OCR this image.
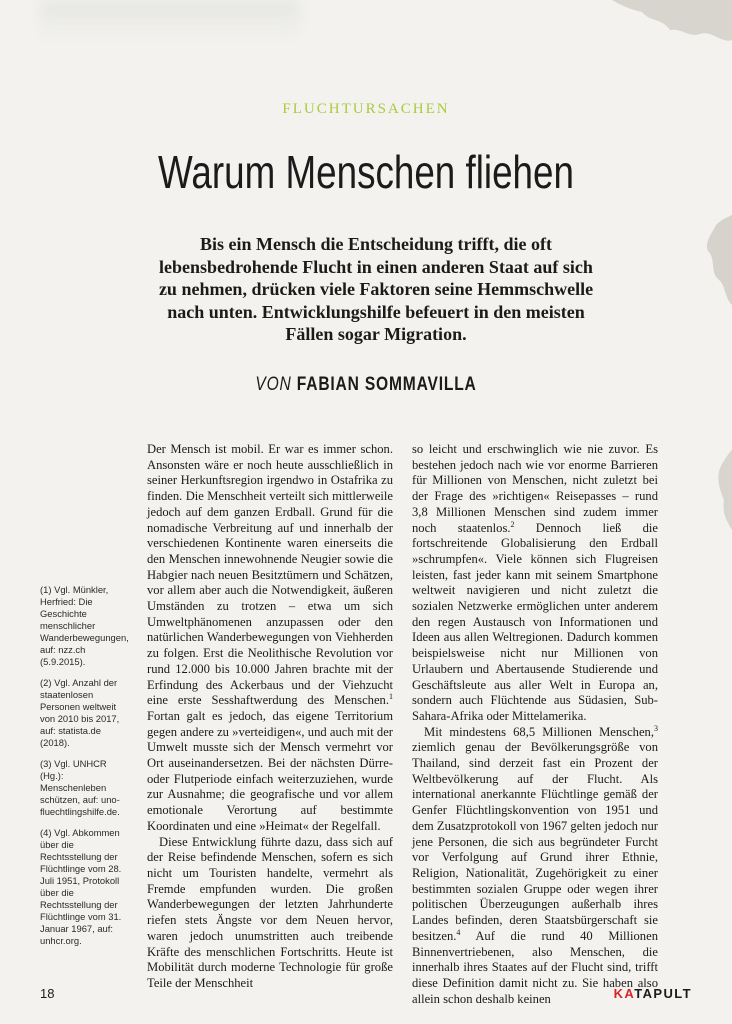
FLUCHTURSACHEN
Warum Menschen fliehen
Bis ein Mensch die Entscheidung trifft, die oft lebensbedrohende Flucht in einen anderen Staat auf sich zu nehmen, drücken viele Faktoren seine Hemmschwelle nach unten. Entwicklungshilfe befeuert in den meisten Fällen sogar Migration.
VON FABIAN SOMMAVILLA
(1) Vgl. Münkler, Herfried: Die Geschichte menschlicher Wanderbewegungen, auf: nzz.ch (5.9.2015).
(2) Vgl. Anzahl der staatenlosen Personen weltweit von 2010 bis 2017, auf: statista.de (2018).
(3) Vgl. UNHCR (Hg.): Menschenleben schützen, auf: uno-fluechtlingshilfe.de.
(4) Vgl. Abkommen über die Rechtsstellung der Flüchtlinge vom 28. Juli 1951, Protokoll über die Rechtsstellung der Flüchtlinge vom 31. Januar 1967, auf: unhcr.org.

Der Mensch ist mobil. Er war es immer schon. Ansonsten wäre er noch heute ausschließlich in seiner Herkunftsregion irgendwo in Ostafrika zu finden. Die Menschheit verteilt sich mittlerweile jedoch auf dem ganzen Erdball. Grund für die nomadische Verbreitung auf und innerhalb der verschiedenen Kontinente waren einerseits die den Menschen innewohnende Neugier sowie die Habgier nach neuen Besitztümern und Schätzen, vor allem aber auch die Notwendigkeit, äußeren Umständen zu trotzen – etwa um sich Umweltphänomenen anzupassen oder den natürlichen Wanderbewegungen von Viehherden zu folgen. Erst die Neolithische Revolution vor rund 12.000 bis 10.000 Jahren brachte mit der Erfindung des Ackerbaus und der Viehzucht eine erste Sesshaftwerdung des Menschen.$^1$ Fortan galt es jedoch, das eigene Territorium gegen andere zu »verteidigen«, und auch mit der Umwelt musste sich der Mensch vermehrt vor Ort auseinandersetzen. Bei der nächsten Dürre- oder Flutperiode einfach weiterzuziehen, wurde zur Ausnahme; die geografische und vor allem emotionale Verortung auf bestimmte Koordinaten und eine »Heimat« der Regelfall.

Diese Entwicklung führte dazu, dass sich auf der Reise befindende Menschen, sofern es sich nicht um Touristen handelte, vermehrt als Fremde empfunden wurden. Die großen Wanderbewegungen der letzten Jahrhunderte riefen stets Ängste vor dem Neuen hervor, waren jedoch unumstritten auch treibende Kräfte des menschlichen Fortschritts. Heute ist Mobilität durch moderne Technologie für große Teile der Menschheit

so leicht und erschwinglich wie nie zuvor. Es bestehen jedoch nach wie vor enorme Barrieren für Millionen von Menschen, nicht zuletzt bei der Frage des »richtigen« Reisepasses – rund 3,8 Millionen Menschen sind zudem immer noch staatenlos.$^2$ Dennoch ließ die fortschreitende Globalisierung den Erdball »schrumpfen«. Viele können sich Flugreisen leisten, fast jeder kann mit seinem Smartphone weltweit navigieren und nicht zuletzt die sozialen Netzwerke ermöglichen unter anderem den regen Austausch von Informationen und Ideen aus allen Weltregionen. Dadurch kommen beispielsweise nicht nur Millionen von Urlaubern und Abertausende Studierende und Geschäftsleute aus aller Welt in Europa an, sondern auch Flüchtende aus Südasien, Sub-Sahara-Afrika oder Mittelamerika.

Mit mindestens 68,5 Millionen Menschen,$^3$ ziemlich genau der Bevölkerungsgröße von Thailand, sind derzeit fast ein Prozent der Weltbevölkerung auf der Flucht. Als international anerkannte Flüchtlinge gemäß der Genfer Flüchtlingskonvention von 1951 und dem Zusatzprotokoll von 1967 gelten jedoch nur jene Personen, die sich aus begründeter Furcht vor Verfolgung auf Grund ihrer Ethnie, Religion, Nationalität, Zugehörigkeit zu einer bestimmten sozialen Gruppe oder wegen ihrer politischen Überzeugungen außerhalb ihres Landes befinden, deren Staatsbürgerschaft sie besitzen.$^4$ Auf die rund 40 Millionen Binnenvertriebenen, also Menschen, die innerhalb ihres Staates auf der Flucht sind, trifft diese Definition damit nicht zu. Sie haben also allein schon deshalb keinen

18	KATAPULT
